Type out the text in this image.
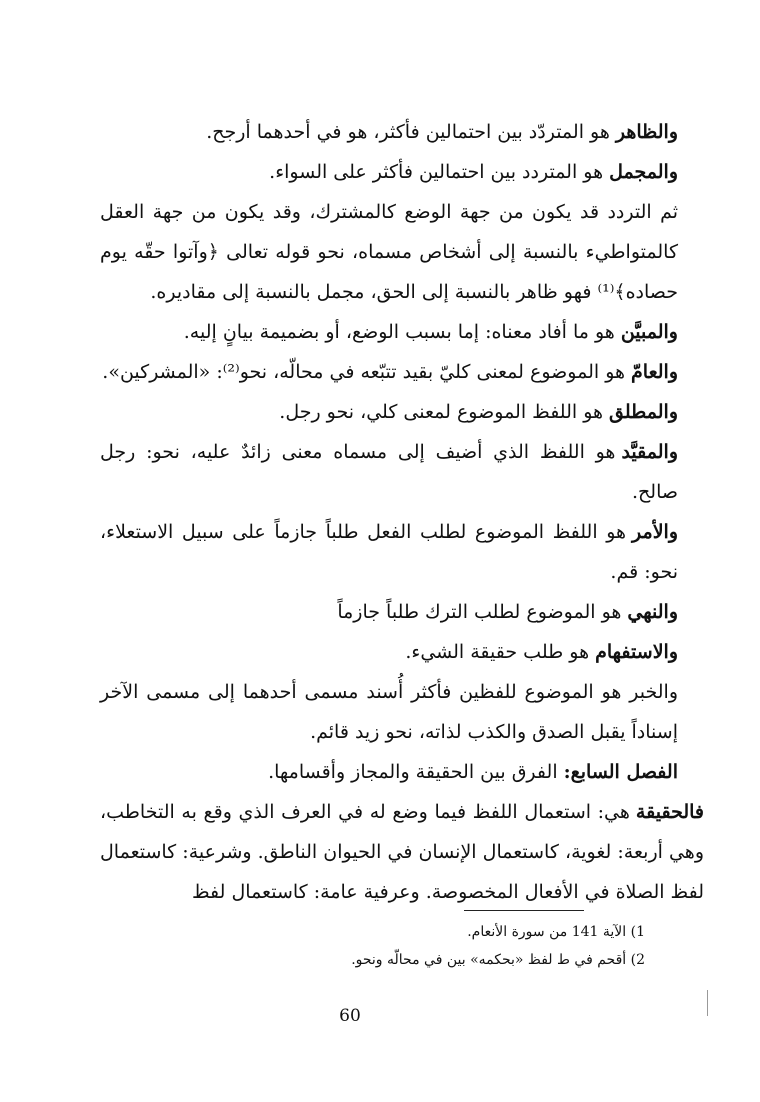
والظاهرهو المتردّد بين احتمالين فأكثر، هو في أحدهما أرجح.

والمجملهو المتردد بين احتمالين فأكثر على السواء.

ثم التردد قد يكون من جهة الوضع كالمشترك، وقد يكون من جهة العقل كالمتواطيء بالنسبة إلى أشخاص مسماه، نحو قوله تعالى ﴿وآتوا حقّه يوم حصاده﴾⁽¹⁾ فهو ظاهر بالنسبة إلى الحق، مجمل بالنسبة إلى مقاديره.

والمبيَّنهو ما أفاد معناه: إما بسبب الوضع، أو بضميمة بيانٍ إليه.

والعامّهو الموضوع لمعنى كليّ بقيد تتبّعه في محالّه، نحو⁽²⁾: «المشركين».

والمطلقهو اللفظ الموضوع لمعنى كلي، نحو رجل.

والمقيَّدهو اللفظ الذي أضيف إلى مسماه معنى زائدٌ عليه، نحو: رجل صالح.

والأمرهو اللفظ الموضوع لطلب الفعل طلباً جازماً على سبيل الاستعلاء، نحو: قم.

والنهيهو الموضوع لطلب الترك طلباً جازماً

والاستفهامهو طلب حقيقة الشيء.

والخبر هو الموضوع للفظين فأكثر أُسند مسمى أحدهما إلى مسمى الآخر إسناداً يقبل الصدق والكذب لذاته، نحو زيد قائم.

الفصل السابع:الفرق بين الحقيقة والمجاز وأقسامها.

فالحقيقةهي: استعمال اللفظ فيما وضع له في العرف الذي وقع به التخاطب، وهي أربعة: لغوية، كاستعمال الإنسان في الحيوان الناطق. وشرعية: كاستعمال لفظ الصلاة في الأفعال المخصوصة. وعرفية عامة: كاستعمال لفظ

1) الآية 141 من سورة الأنعام.

2) أقحم في ط لفظ «بحكمه» بين في محالّه ونحو.

60
